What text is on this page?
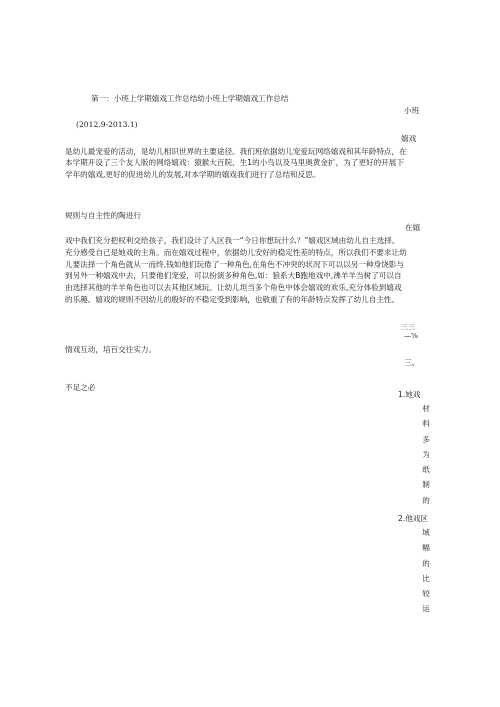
第一：小班上学期嬉戏工作总结幼小班上学期嬉戏工作总结
小班
(2012.9-2013.1)
嬉戏
是幼儿最宠爱的活动，是幼儿相识世界的主要途径。我们班依据幼儿宠爱玩网络嬉戏和其年龄特点，在
本学期开设了三个友人版的网络嬉戏：猿猴大百院、生1的小鸟以及马里奥黄金扩，为了更好的开展下
学年的嬉戏,更好的促进幼儿的发展,对本学期的嬉戏我们进行了总结和反思。
规则与自主性的陶进行
在嬉
戏中我们充分把权利交给孩子，我们设计了入区我一“今日你想玩什么？”嬉戏区域由幼儿自主选择。
充分感受自己是她戏的主角。而在嬉戏过程中，依据幼儿安好的稳定性差的特点，所以我们不要求让幼
儿要法择一个角色就从一而终,钱如他们玩倦了一种角色,在角色不冲突的状况下可以以另一种身饶影与
到另外一种嬉戏中去，只要他们宠爱，可以扮演多种角色,如：狼系大B跑地戏中,沸羊羊当树了可以自
由选择其他的羊羊角色也可以去其他区域玩。让幼儿坦当多个角色中体会嬉戏的欢乐,充分体验到嬉戏
的乐趣。嬉戏的规则不因幼儿的殷好的不稳定受到影响，也敬重了有的年龄特点发挥了幼儿自主性。
三三
—⅝
情戏互动，培百交往实力。
三、
不足之必
1.她戏
材
料
多
为
纸
制
的
2.他戏区
域
幅
的
比
较
运
